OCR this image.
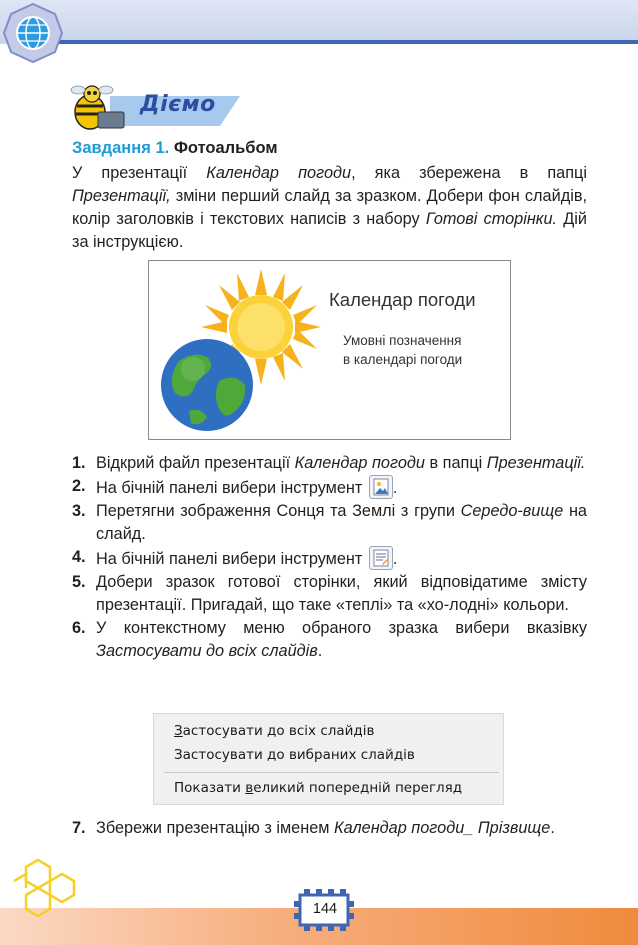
Діємо
Завдання 1. Фотоальбом

У презентації Календар погоди, яка збережена в папці Презентації, зміни перший слайд за зразком. Добери фон слайдів, колір заголовків і текстових написів з набору Готові сторінки. Дій за інструкцією.

Календар погоди
Умовні позначення
в календарі погоди
1. Відкрий файл презентації Календар погоди в папці Презентації.
2. На бічній панелі вибери інструмент .
3. Перетягни зображення Сонця та Землі з групи Середо-вище на слайд.
4. На бічній панелі вибери інструмент .
5. Добери зразок готової сторінки, який відповідатиме змісту презентації. Пригадай, що таке «теплі» та «хо-лодні» кольори.
6. У контекстному меню обраного зразка вибери вказівку Застосувати до всіх слайдів.
Застосувати до всіх слайдів
Застосувати до вибраних слайдів
Показати великий попередній перегляд
7. Збережи презентацію з іменем Календар погоди_ Прізвище.
144
